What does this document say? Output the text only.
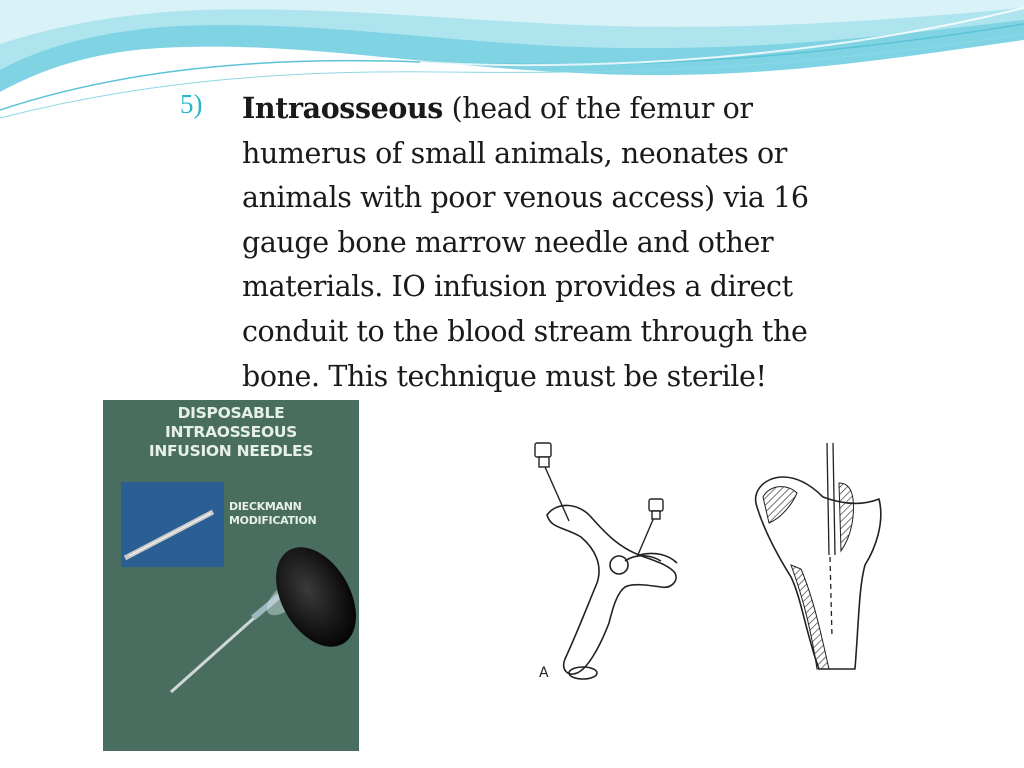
5) Intraosseous (head of the femur or
humerus of small animals, neonates or
animals with poor venous access) via 16
gauge bone marrow needle and other
materials. IO infusion provides a direct
conduit to the blood stream through the
bone. This technique must be sterile!
DISPOSABLE
INTRAOSSEOUS
INFUSION NEEDLES
DIECKMANN
MODIFICATION
A
